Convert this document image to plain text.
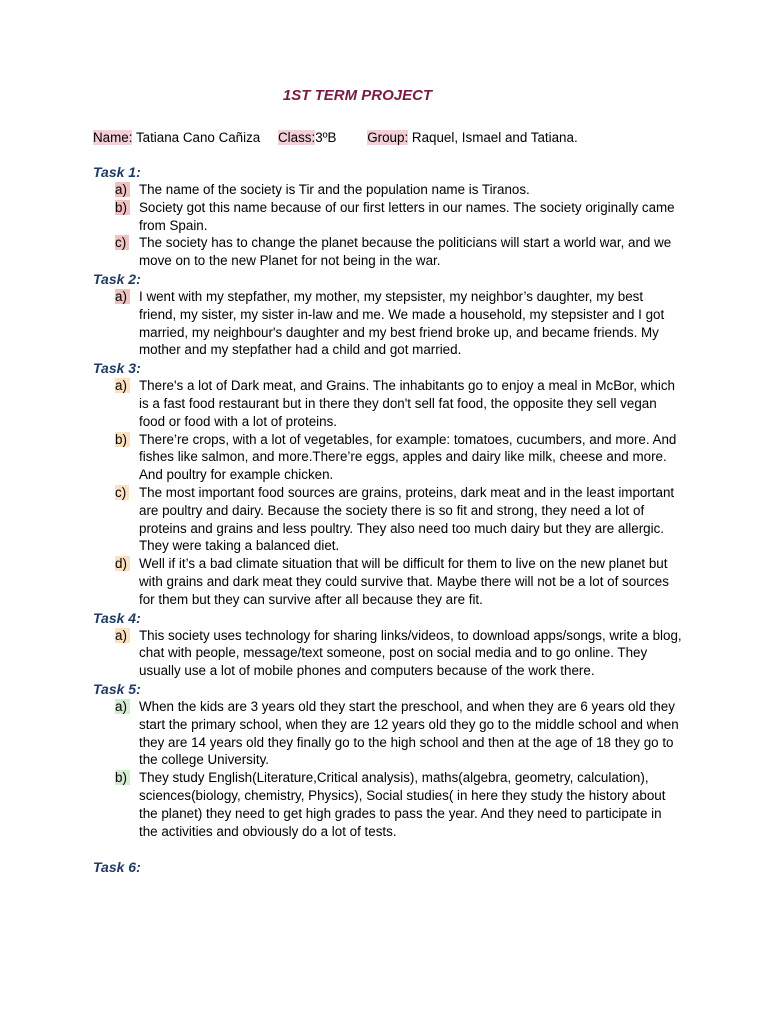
1ST TERM PROJECT
Name: Tatiana Cano Cañiza Class:3ºB Group: Raquel, Ismael and Tatiana.
Task 1:
a) The name of the society is Tir and the population name is Tiranos.
b) Society got this name because of our first letters in our names. The society originally came from Spain.
c) The society has to change the planet because the politicians will start a world war, and we move on to the new Planet for not being in the war.
Task 2:
a) I went with my stepfather, my mother, my stepsister, my neighbor’s daughter, my best friend, my sister, my sister in-law and me. We made a household, my stepsister and I got married, my neighbour's daughter and my best friend broke up, and became friends. My mother and my stepfather had a child and got married.
Task 3:
a) There's a lot of Dark meat, and Grains. The inhabitants go to enjoy a meal in McBor, which is a fast food restaurant but in there they don't sell fat food, the opposite they sell vegan food or food with a lot of proteins.
b) There’re crops, with a lot of vegetables, for example: tomatoes, cucumbers, and more. And fishes like salmon, and more.There’re eggs, apples and dairy like milk, cheese and more. And poultry for example chicken.
c) The most important food sources are grains, proteins, dark meat and in the least important are poultry and dairy. Because the society there is so fit and strong, they need a lot of proteins and grains and less poultry. They also need too much dairy but they are allergic. They were taking a balanced diet.
d) Well if it’s a bad climate situation that will be difficult for them to live on the new planet but with grains and dark meat they could survive that. Maybe there will not be a lot of sources for them but they can survive after all because they are fit.
Task 4:
a) This society uses technology for sharing links/videos, to download apps/songs, write a blog, chat with people, message/text someone, post on social media and to go online. They usually use a lot of mobile phones and computers because of the work there.
Task 5:
a) When the kids are 3 years old they start the preschool, and when they are 6 years old they start the primary school, when they are 12 years old they go to the middle school and when they are 14 years old they finally go to the high school and then at the age of 18 they go to the college University.
b) They study English(Literature,Critical analysis), maths(algebra, geometry, calculation), sciences(biology, chemistry, Physics), Social studies( in here they study the history about the planet) they need to get high grades to pass the year. And they need to participate in the activities and obviously do a lot of tests.
Task 6:
